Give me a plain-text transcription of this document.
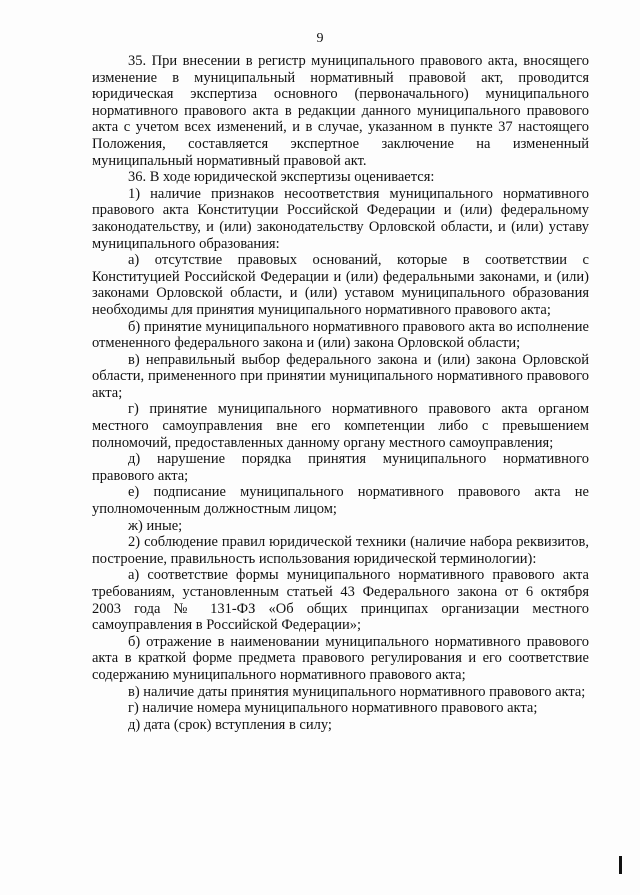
9

35. При внесении в регистр муниципального правового акта, вносящего изменение в муниципальный нормативный правовой акт, проводится юридическая экспертиза основного (первоначального) муниципального нормативного правового акта в редакции данного муниципального правового акта с учетом всех изменений, и в случае, указанном в пункте 37 настоящего Положения, составляется экспертное заключение на измененный муниципальный нормативный правовой акт.

36. В ходе юридической экспертизы оценивается:

1) наличие признаков несоответствия муниципального нормативного правового акта Конституции Российской Федерации и (или) федеральному законодательству, и (или) законодательству Орловской области, и (или) уставу муниципального образования:

а) отсутствие правовых оснований, которые в соответствии с Конституцией Российской Федерации и (или) федеральными законами, и (или) законами Орловской области, и (или) уставом муниципального образования необходимы для принятия муниципального нормативного правового акта;

б) принятие муниципального нормативного правового акта во исполнение отмененного федерального закона и (или) закона Орловской области;

в) неправильный выбор федерального закона и (или) закона Орловской области, примененного при принятии муниципального нормативного правового акта;

г) принятие муниципального нормативного правового акта органом местного самоуправления вне его компетенции либо с превышением полномочий, предоставленных данному органу местного самоуправления;

д) нарушение порядка принятия муниципального нормативного правового акта;

е) подписание муниципального нормативного правового акта не уполномоченным должностным лицом;

ж) иные;

2) соблюдение правил юридической техники (наличие набора реквизитов, построение, правильность использования юридической терминологии):

а) соответствие формы муниципального нормативного правового акта требованиям, установленным статьей 43 Федерального закона от 6 октября 2003 года № 131-ФЗ «Об общих принципах организации местного самоуправления в Российской Федерации»;

б) отражение в наименовании муниципального нормативного правового акта в краткой форме предмета правового регулирования и его соответствие содержанию муниципального нормативного правового акта;

в) наличие даты принятия муниципального нормативного правового акта;

г) наличие номера муниципального нормативного правового акта;

д) дата (срок) вступления в силу;
